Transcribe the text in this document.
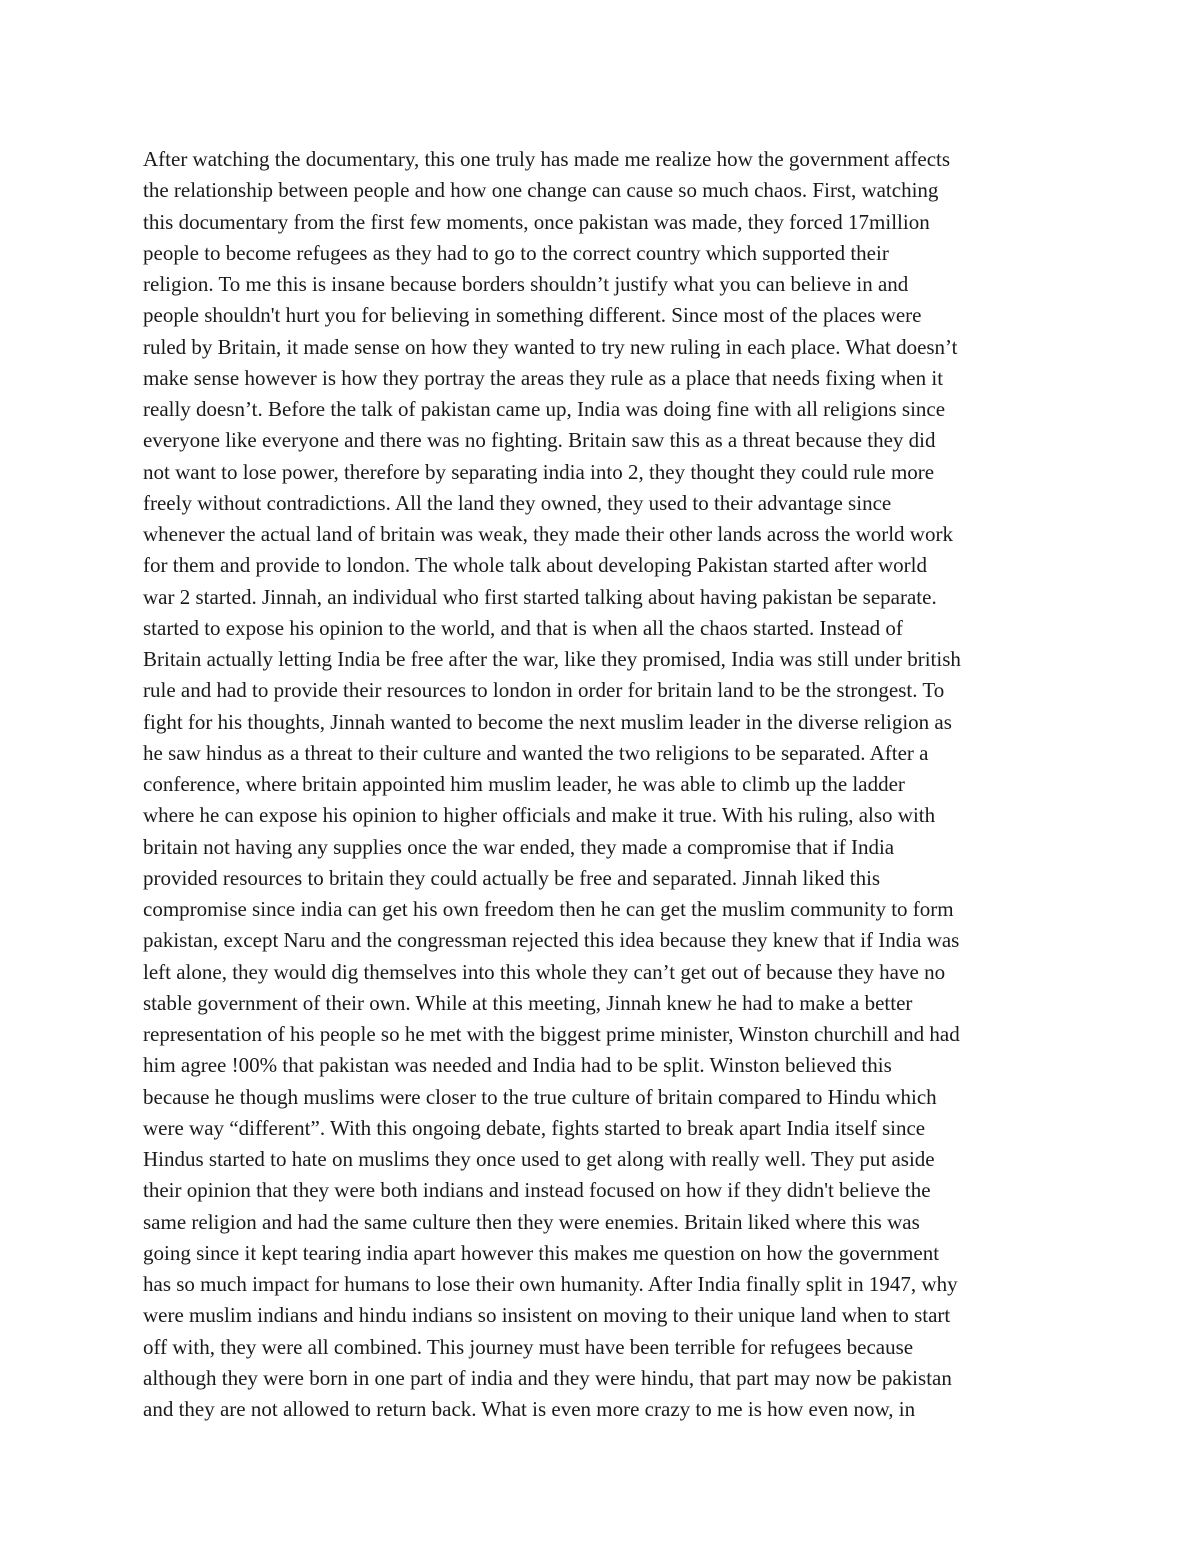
After watching the documentary, this one truly has made me realize how the government affects
the relationship between people and how one change can cause so much chaos. First, watching
this documentary from the first few moments, once pakistan was made, they forced 17million
people to become refugees as they had to go to the correct country which supported their
religion. To me this is insane because borders shouldn’t justify what you can believe in and
people shouldn't hurt you for believing in something different. Since most of the places were
ruled by Britain, it made sense on how they wanted to try new ruling in each place. What doesn’t
make sense however is how they portray the areas they rule as a place that needs fixing when it
really doesn’t. Before the talk of pakistan came up, India was doing fine with all religions since
everyone like everyone and there was no fighting. Britain saw this as a threat because they did
not want to lose power, therefore by separating india into 2, they thought they could rule more
freely without contradictions. All the land they owned, they used to their advantage since
whenever the actual land of britain was weak, they made their other lands across the world work
for them and provide to london. The whole talk about developing Pakistan started after world
war 2 started. Jinnah, an individual who first started talking about having pakistan be separate.
started to expose his opinion to the world, and that is when all the chaos started. Instead of
Britain actually letting India be free after the war, like they promised, India was still under british
rule and had to provide their resources to london in order for britain land to be the strongest. To
fight for his thoughts, Jinnah wanted to become the next muslim leader in the diverse religion as
he saw hindus as a threat to their culture and wanted the two religions to be separated. After a
conference, where britain appointed him muslim leader, he was able to climb up the ladder
where he can expose his opinion to higher officials and make it true. With his ruling, also with
britain not having any supplies once the war ended, they made a compromise that if India
provided resources to britain they could actually be free and separated. Jinnah liked this
compromise since india can get his own freedom then he can get the muslim community to form
pakistan, except Naru and the congressman rejected this idea because they knew that if India was
left alone, they would dig themselves into this whole they can’t get out of because they have no
stable government of their own. While at this meeting, Jinnah knew he had to make a better
representation of his people so he met with the biggest prime minister, Winston churchill and had
him agree !00% that pakistan was needed and India had to be split. Winston believed this
because he though muslims were closer to the true culture of britain compared to Hindu which
were way “different”. With this ongoing debate, fights started to break apart India itself since
Hindus started to hate on muslims they once used to get along with really well. They put aside
their opinion that they were both indians and instead focused on how if they didn't believe the
same religion and had the same culture then they were enemies. Britain liked where this was
going since it kept tearing india apart however this makes me question on how the government
has so much impact for humans to lose their own humanity. After India finally split in 1947, why
were muslim indians and hindu indians so insistent on moving to their unique land when to start
off with, they were all combined. This journey must have been terrible for refugees because
although they were born in one part of india and they were hindu, that part may now be pakistan
and they are not allowed to return back. What is even more crazy to me is how even now, in
